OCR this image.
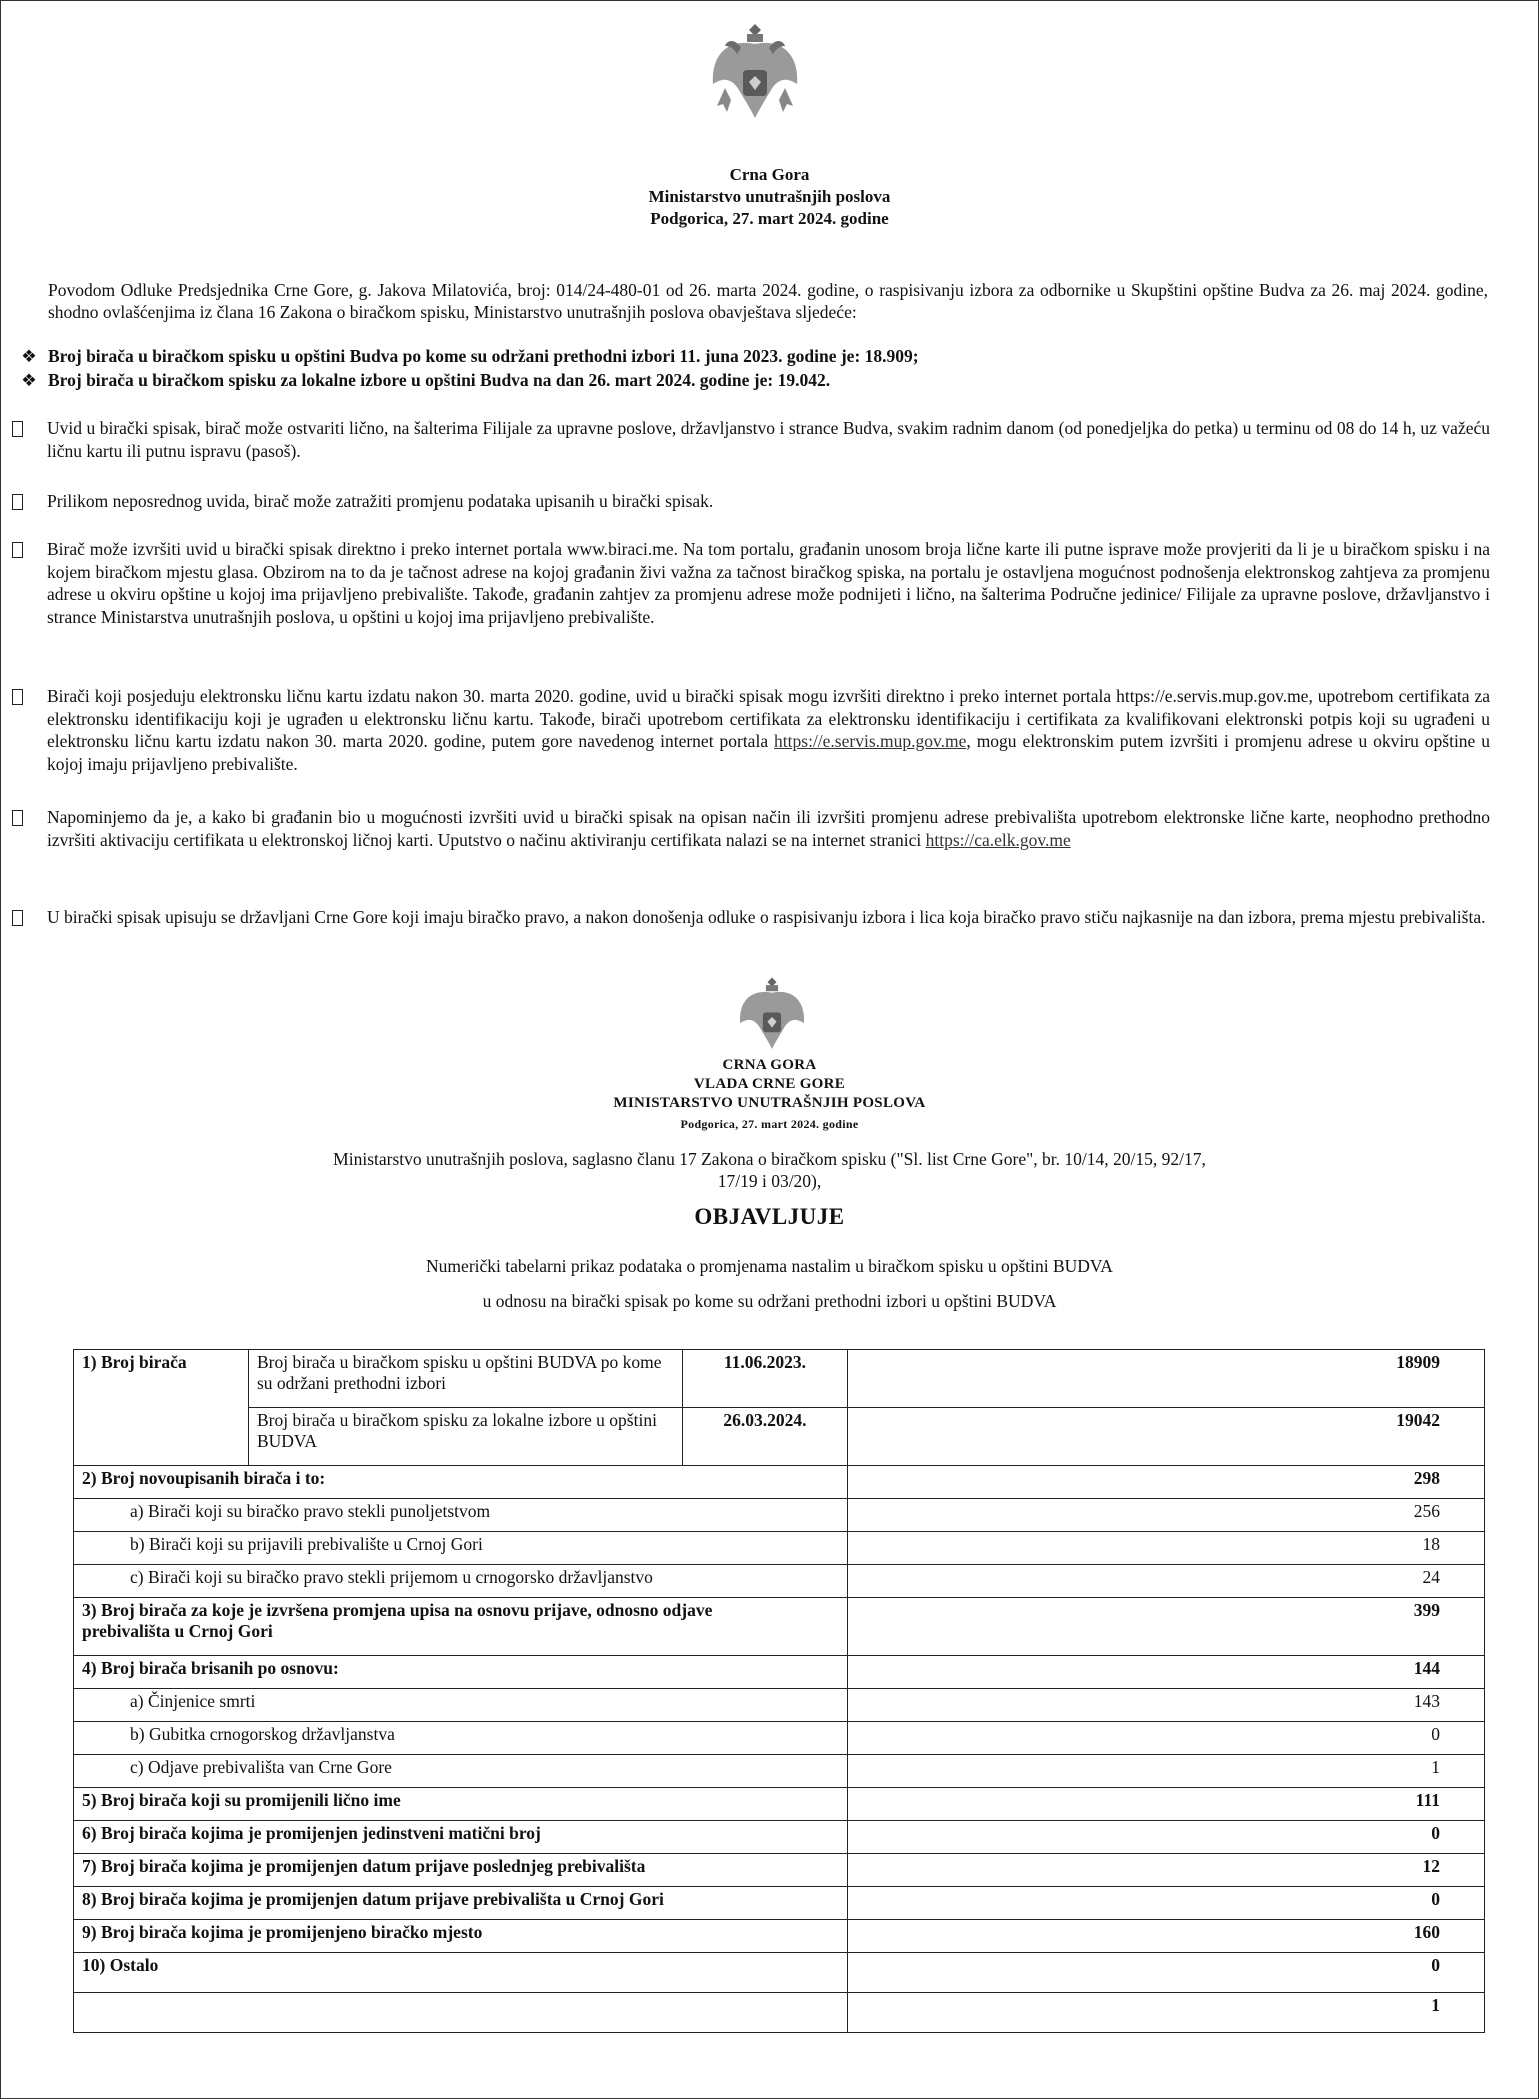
Crna Gora
Ministarstvo unutrašnjih poslova
Podgorica, 27. mart 2024. godine
Povodom Odluke Predsjednika Crne Gore, g. Jakova Milatovića, broj: 014/24-480-01 od 26. marta 2024. godine, o raspisivanju izbora za odbornike u Skupštini opštine Budva za 26. maj 2024. godine, shodno ovlašćenjima iz člana 16 Zakona o biračkom spisku, Ministarstvo unutrašnjih poslova obavještava sljedeće:
❖ Broj birača u biračkom spisku u opštini Budva po kome su održani prethodni izbori 11. juna 2023. godine je: 18.909;
❖ Broj birača u biračkom spisku za lokalne izbore u opštini Budva na dan 26. mart 2024. godine je: 19.042.
Uvid u birački spisak, birač može ostvariti lično, na šalterima Filijale za upravne poslove, državljanstvo i strance Budva, svakim radnim danom (od ponedjeljka do petka) u terminu od 08 do 14 h, uz važeću ličnu kartu ili putnu ispravu (pasoš).
Prilikom neposrednog uvida, birač može zatražiti promjenu podataka upisanih u birački spisak.
Birač može izvršiti uvid u birački spisak direktno i preko internet portala www.biraci.me. Na tom portalu, građanin unosom broja lične karte ili putne isprave može provjeriti da li je u biračkom spisku i na kojem biračkom mjestu glasa. Obzirom na to da je tačnost adrese na kojoj građanin živi važna za tačnost biračkog spiska, na portalu je ostavljena mogućnost podnošenja elektronskog zahtjeva za promjenu adrese u okviru opštine u kojoj ima prijavljeno prebivalište. Takođe, građanin zahtjev za promjenu adrese može podnijeti i lično, na šalterima Područne jedinice/ Filijale za upravne poslove, državljanstvo i strance Ministarstva unutrašnjih poslova, u opštini u kojoj ima prijavljeno prebivalište.
Birači koji posjeduju elektronsku ličnu kartu izdatu nakon 30. marta 2020. godine, uvid u birački spisak mogu izvršiti direktno i preko internet portala https://e.servis.mup.gov.me, upotrebom certifikata za elektronsku identifikaciju koji je ugrađen u elektronsku ličnu kartu. Takođe, birači upotrebom certifikata za elektronsku identifikaciju i certifikata za kvalifikovani elektronski potpis koji su ugrađeni u elektronsku ličnu kartu izdatu nakon 30. marta 2020. godine, putem gore navedenog internet portala https://e.servis.mup.gov.me, mogu elektronskim putem izvršiti i promjenu adrese u okviru opštine u kojoj imaju prijavljeno prebivalište.
Napominjemo da je, a kako bi građanin bio u mogućnosti izvršiti uvid u birački spisak na opisan način ili izvršiti promjenu adrese prebivališta upotrebom elektronske lične karte, neophodno prethodno izvršiti aktivaciju certifikata u elektronskoj ličnoj karti. Uputstvo o načinu aktiviranju certifikata nalazi se na internet stranici https://ca.elk.gov.me
U birački spisak upisuju se državljani Crne Gore koji imaju biračko pravo, a nakon donošenja odluke o raspisivanju izbora i lica koja biračko pravo stiču najkasnije na dan izbora, prema mjestu prebivališta.
CRNA GORA
VLADA CRNE GORE
MINISTARSTVO UNUTRAŠNJIH POSLOVA
Podgorica, 27. mart 2024. godine
Ministarstvo unutrašnjih poslova, saglasno članu 17 Zakona o biračkom spisku ("Sl. list Crne Gore", br. 10/14, 20/15, 92/17,
17/19 i 03/20),
OBJAVLJUJE
Numerički tabelarni prikaz podataka o promjenama nastalim u biračkom spisku u opštini BUDVA
u odnosu na birački spisak po kome su održani prethodni izbori u opštini BUDVA
1) Broj birača	Broj birača u biračkom spisku u opštini BUDVA po kome su održani prethodni izbori	11.06.2023.	18909
	Broj birača u biračkom spisku za lokalne izbore u opštini BUDVA	26.03.2024.	19042
2) Broj novoupisanih birača i to:			298
a) Birači koji su biračko pravo stekli punoljetstvom			256
b) Birači koji su prijavili prebivalište u Crnoj Gori			18
c) Birači koji su biračko pravo stekli prijemom u crnogorsko državljanstvo			24

3) Broj birača za koje je izvršena promjena upisa na osnovu prijave, odnosno odjave prebivališta u Crnoj Gori			399
4) Broj birača brisanih po osnovu:			144
a) Činjenice smrti			143
b) Gubitka crnogorskog državljanstva			0
c) Odjave prebivališta van Crne Gore			1
5) Broj birača koji su promijenili lično ime			111
6) Broj birača kojima je promijenjen jedinstveni matični broj			0
7) Broj birača kojima je promijenjen datum prijave poslednjeg prebivališta			12
8) Broj birača kojima je promijenjen datum prijave prebivališta u Crnoj Gori			0
9) Broj birača kojima je promijenjeno biračko mjesto			160
10) Ostalo			0
			1
